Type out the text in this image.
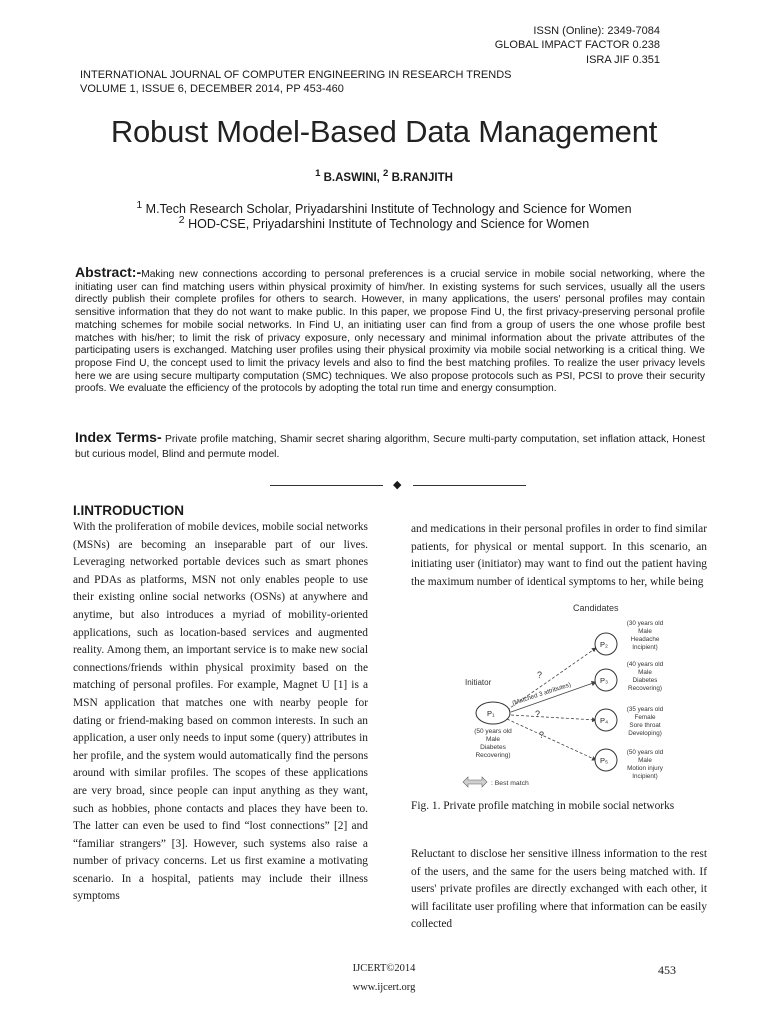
ISSN (Online): 2349-7084
GLOBAL IMPACT FACTOR 0.238
ISRA JIF 0.351
INTERNATIONAL JOURNAL OF COMPUTER ENGINEERING IN RESEARCH TRENDS
VOLUME 1, ISSUE 6, DECEMBER 2014, PP 453-460
Robust Model-Based Data Management
$^1$ B.ASWINI, $^2$ B.RANJITH
$^1$ M.Tech Research Scholar, Priyadarshini Institute of Technology and Science for Women
$^2$ HOD-CSE, Priyadarshini Institute of Technology and Science for Women
Abstract:-Making new connections according to personal preferences is a crucial service in mobile social networking, where the initiating user can find matching users within physical proximity of him/her. In existing systems for such services, usually all the users directly publish their complete profiles for others to search. However, in many applications, the users' personal profiles may contain sensitive information that they do not want to make public. In this paper, we propose Find U, the first privacy-preserving personal profile matching schemes for mobile social networks. In Find U, an initiating user can find from a group of users the one whose profile best matches with his/her; to limit the risk of privacy exposure, only necessary and minimal information about the private attributes of the participating users is exchanged. Matching user profiles using their physical proximity via mobile social networking is a critical thing. We propose Find U, the concept used to limit the privacy levels and also to find the best matching profiles. To realize the user privacy levels here we are using secure multiparty computation (SMC) techniques. We also propose protocols such as PSI, PCSI to prove their security proofs. We evaluate the efficiency of the protocols by adopting the total run time and energy consumption.
Index Terms- Private profile matching, Shamir secret sharing algorithm, Secure multi-party computation, set inflation attack, Honest but curious model, Blind and permute model.
◆
I.INTRODUCTION
With the proliferation of mobile devices, mobile social networks (MSNs) are becoming an inseparable part of our lives. Leveraging networked portable devices such as smart phones and PDAs as platforms, MSN not only enables people to use their existing online social networks (OSNs) at anywhere and anytime, but also introduces a myriad of mobility-oriented applications, such as location-based services and augmented reality. Among them, an important service is to make new social connections/friends within physical proximity based on the matching of personal profiles. For example, Magnet U [1] is a MSN application that matches one with nearby people for dating or friend-making based on common interests. In such an application, a user only needs to input some (query) attributes in her profile, and the system would automatically find the persons around with similar profiles. The scopes of these applications are very broad, since people can input anything as they want, such as hobbies, phone contacts and places they have been to. The latter can even be used to find “lost connections” [2] and “familiar strangers” [3]. However, such systems also raise a number of privacy concerns. Let us first examine a motivating scenario. In a hospital, patients may include their illness symptoms
and medications in their personal profiles in order to find similar patients, for physical or mental support. In this scenario, an initiating user (initiator) may want to find out the patient having the maximum number of identical symptoms to her, while being
Candidates
Initiator
?
?
?
(Matched 3 attributes)
P₁
(50 years old
Male
Diabetes
Recovering)
P₂
(30 years old
Male
Headache
Incipient)
P₃
(40 years old
Male
Diabetes
Recovering)
P₄
(35 years old
Female
Sore throat
Developing)
P₅
(50 years old
Male
Motion injury
Incipient)
: Best match
Fig. 1. Private profile matching in mobile social networks
Reluctant to disclose her sensitive illness information to the rest of the users, and the same for the users being matched with. If users' private profiles are directly exchanged with each other, it will facilitate user profiling where that information can be easily collected
IJCERT©2014	453
www.ijcert.org
